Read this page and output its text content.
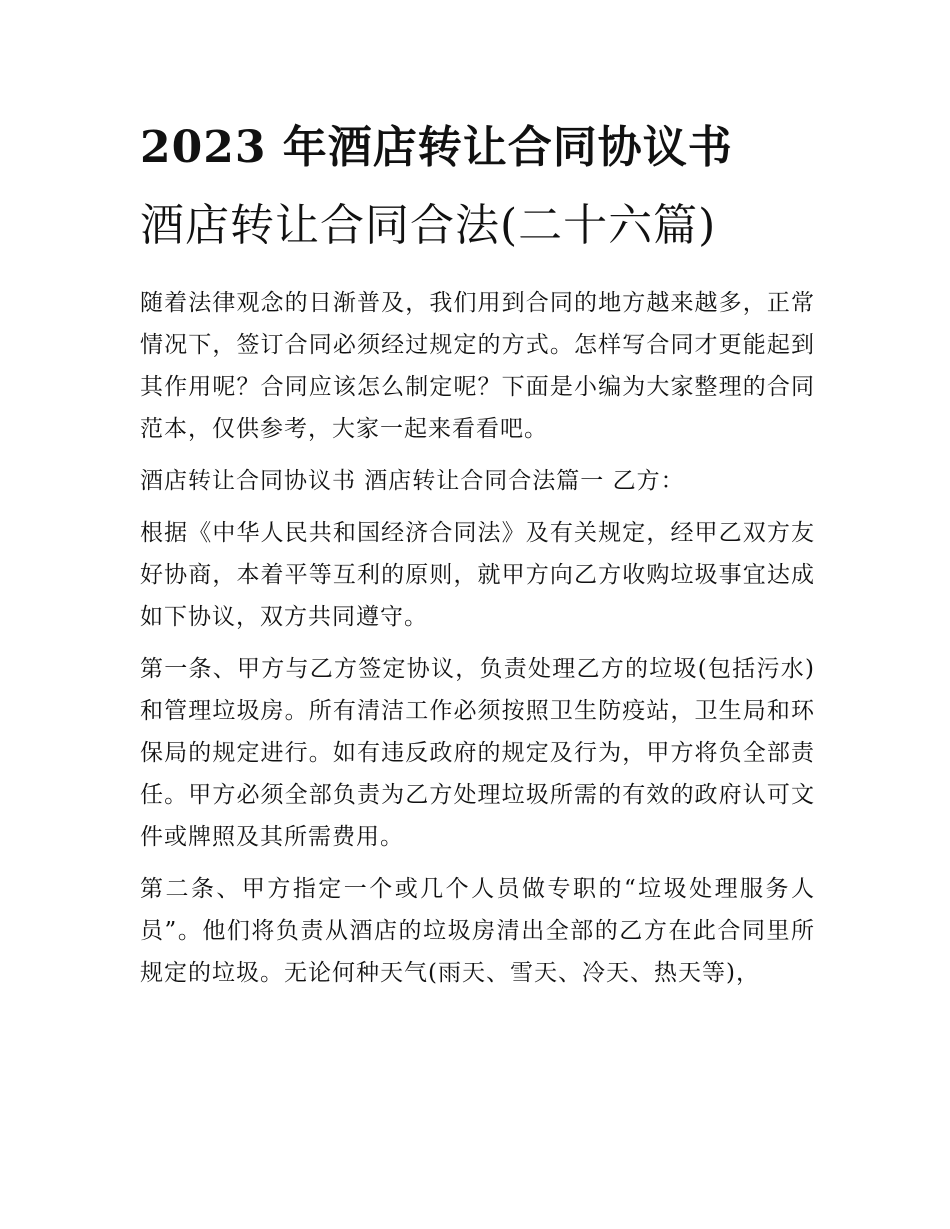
2023 年酒店转让合同协议书
酒店转让合同合法(二十六篇)

随着法律观念的日渐普及，我们用到合同的地方越来越多，正常情况下，签订合同必须经过规定的方式。怎样写合同才更能起到其作用呢？合同应该怎么制定呢？下面是小编为大家整理的合同范本，仅供参考，大家一起来看看吧。

酒店转让合同协议书 酒店转让合同合法篇一 乙方：

根据《中华人民共和国经济合同法》及有关规定，经甲乙双方友好协商，本着平等互利的原则，就甲方向乙方收购垃圾事宜达成如下协议，双方共同遵守。

第一条、甲方与乙方签定协议，负责处理乙方的垃圾(包括污水)和管理垃圾房。所有清洁工作必须按照卫生防疫站，卫生局和环保局的规定进行。如有违反政府的规定及行为，甲方将负全部责任。甲方必须全部负责为乙方处理垃圾所需的有效的政府认可文件或牌照及其所需费用。

第二条、甲方指定一个或几个人员做专职的“垃圾处理服务人员”。他们将负责从酒店的垃圾房清出全部的乙方在此合同里所规定的垃圾。无论何种天气(雨天、雪天、冷天、热天等)，
